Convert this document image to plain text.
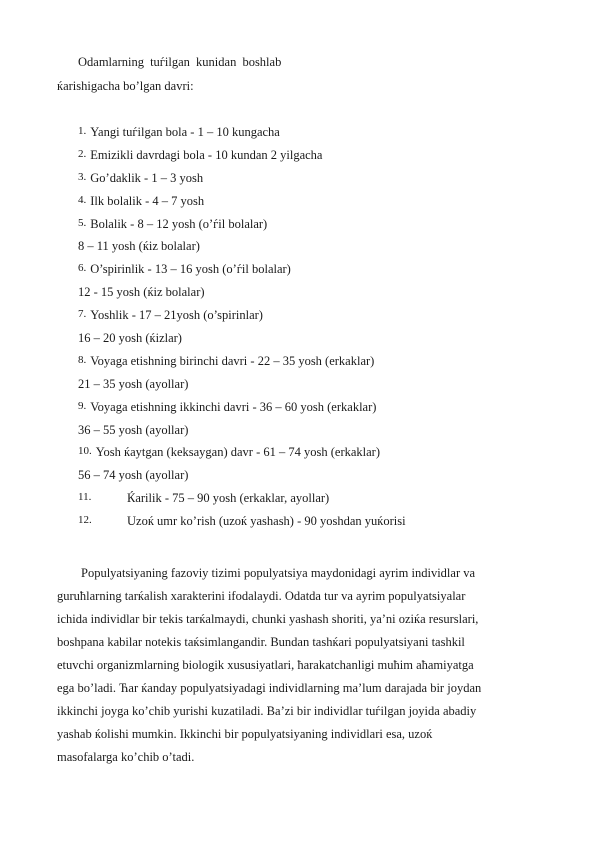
Odamlarning tuѓilgan kunidan boshlab
ќarishigacha bo’lgan davri:
1. Yangi tuѓilgan bola - 1 – 10 kungacha
2. Emizikli davrdagi bola - 10 kundan 2 yilgacha
3. Go’daklik - 1 – 3 yosh
4. Ilk bolalik - 4 – 7 yosh
5. Bolalik - 8 – 12 yosh (o’ѓil bolalar)
8 – 11 yosh (ќiz bolalar)
6. O’spirinlik - 13 – 16 yosh (o’ѓil bolalar)
12 - 15 yosh (ќiz bolalar)
7. Yoshlik - 17 – 21yosh (o’spirinlar)
16 – 20 yosh (ќizlar)
8. Voyaga etishning birinchi davri - 22 – 35 yosh (erkaklar)
21 – 35 yosh (ayollar)
9. Voyaga etishning ikkinchi davri - 36 – 60 yosh (erkaklar)
36 – 55 yosh (ayollar)
10. Yosh ќaytgan (keksaygan) davr - 61 – 74 yosh (erkaklar)
56 – 74 yosh (ayollar)
11.	Ќarilik - 75 – 90 yosh (erkaklar, ayollar)
12.	Uzoќ umr ko’rish (uzoќ yashash) - 90 yoshdan yuќorisi
Populyatsiyaning fazoviy tizimi populyatsiya maydonidagi ayrim individlar va
guruћlarning tarќalish xarakterini ifodalaydi. Odatda tur va ayrim populyatsiyalar
ichida individlar bir tekis tarќalmaydi, chunki yashash shoriti, ya’ni oziќa resurslari,
boshpana kabilar notekis taќsimlangandir. Bundan tashќari populyatsiyani tashkil
etuvchi organizmlarning biologik xususiyatlari, ћarakatchanligi muћim aћamiyatga
ega bo’ladi. Ћar ќanday populyatsiyadagi individlarning ma’lum darajada bir joydan
ikkinchi joyga ko’chib yurishi kuzatiladi. Ba’zi bir individlar tuѓilgan joyida abadiy
yashab ќolishi mumkin. Ikkinchi bir populyatsiyaning individlari esa, uzoќ
masofalarga ko’chib o’tadi.
